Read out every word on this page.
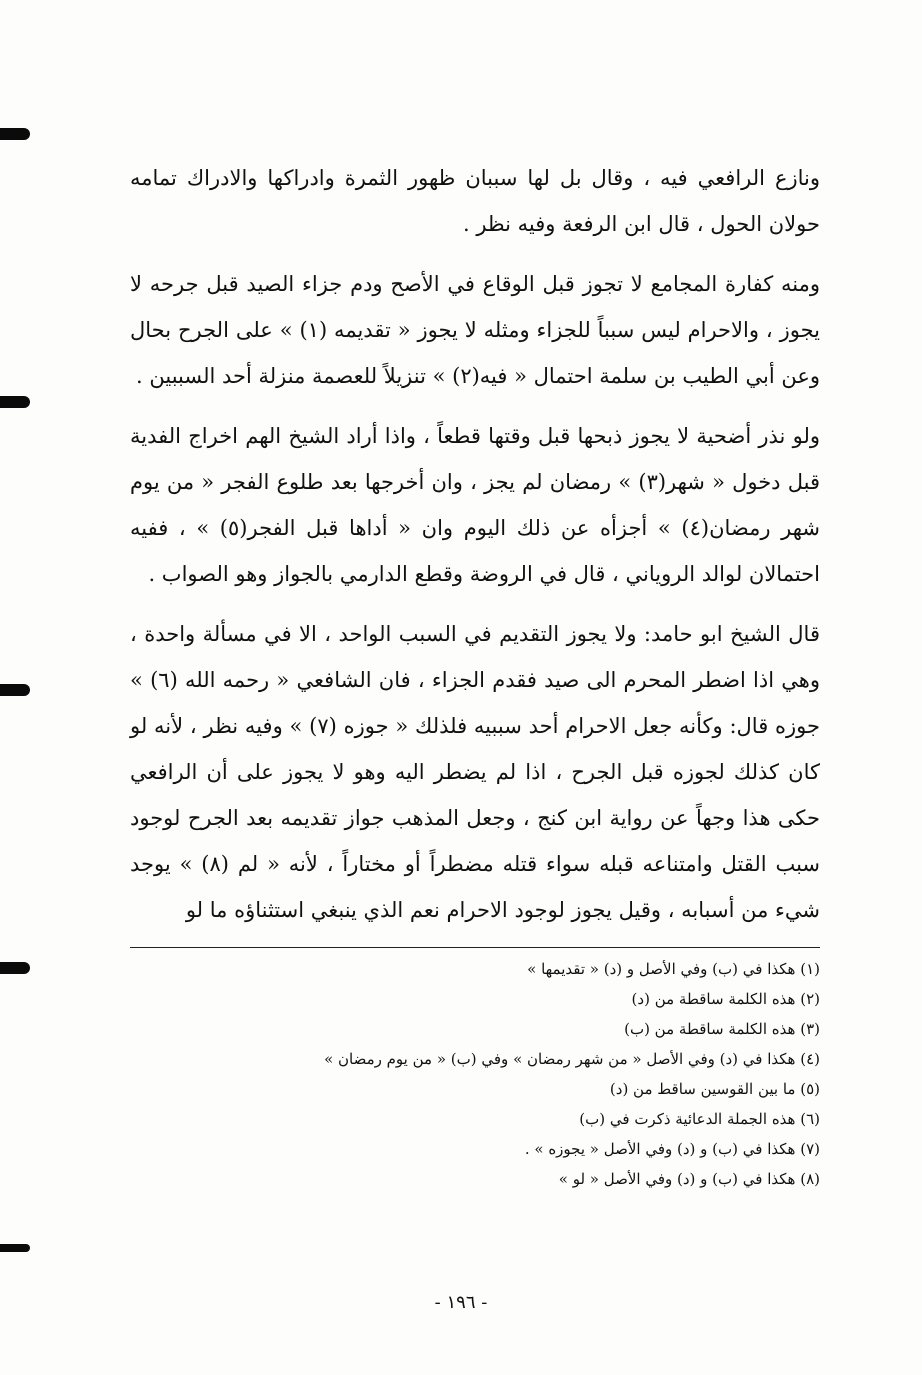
ونازع الرافعي فيه ، وقال بل لها سببان ظهور الثمرة وادراكها والادراك تمامه حولان الحول ، قال ابن الرفعة وفيه نظر .

ومنه كفارة المجامع لا تجوز قبل الوقاع في الأصح ودم جزاء الصيد قبل جرحه لا يجوز ، والاحرام ليس سبباً للجزاء ومثله لا يجوز « تقديمه (١) » على الجرح بحال وعن أبي الطيب بن سلمة احتمال « فيه(٢) » تنزيلاً للعصمة منزلة أحد السببين .

ولو نذر أضحية لا يجوز ذبحها قبل وقتها قطعاً ، واذا أراد الشيخ الهم اخراج الفدية قبل دخول « شهر(٣) » رمضان لم يجز ، وان أخرجها بعد طلوع الفجر « من يوم شهر رمضان(٤) » أجزأه عن ذلك اليوم وان « أداها قبل الفجر(٥) » ، ففيه احتمالان لوالد الروياني ، قال في الروضة وقطع الدارمي بالجواز وهو الصواب .

قال الشيخ ابو حامد: ولا يجوز التقديم في السبب الواحد ، الا في مسألة واحدة ، وهي اذا اضطر المحرم الى صيد فقدم الجزاء ، فان الشافعي « رحمه الله (٦) » جوزه قال: وكأنه جعل الاحرام أحد سببيه فلذلك « جوزه (٧) » وفيه نظر ، لأنه لو كان كذلك لجوزه قبل الجرح ، اذا لم يضطر اليه وهو لا يجوز على أن الرافعي حكى هذا وجهاً عن رواية ابن كنج ، وجعل المذهب جواز تقديمه بعد الجرح لوجود سبب القتل وامتناعه قبله سواء قتله مضطراً أو مختاراً ، لأنه « لم (٨) » يوجد شيء من أسبابه ، وقيل يجوز لوجود الاحرام نعم الذي ينبغي استثناؤه ما لو

(١) هكذا في (ب) وفي الأصل و (د) « تقديمها »

(٢) هذه الكلمة ساقطة من (د)

(٣) هذه الكلمة ساقطة من (ب)

(٤) هكذا في (د) وفي الأصل « من شهر رمضان » وفي (ب) « من يوم رمضان »

(٥) ما بين القوسين ساقط من (د)

(٦) هذه الجملة الدعائية ذكرت في (ب)

(٧) هكذا في (ب) و (د) وفي الأصل « يجوزه » .

(٨) هكذا في (ب) و (د) وفي الأصل « لو »

- ١٩٦ -
